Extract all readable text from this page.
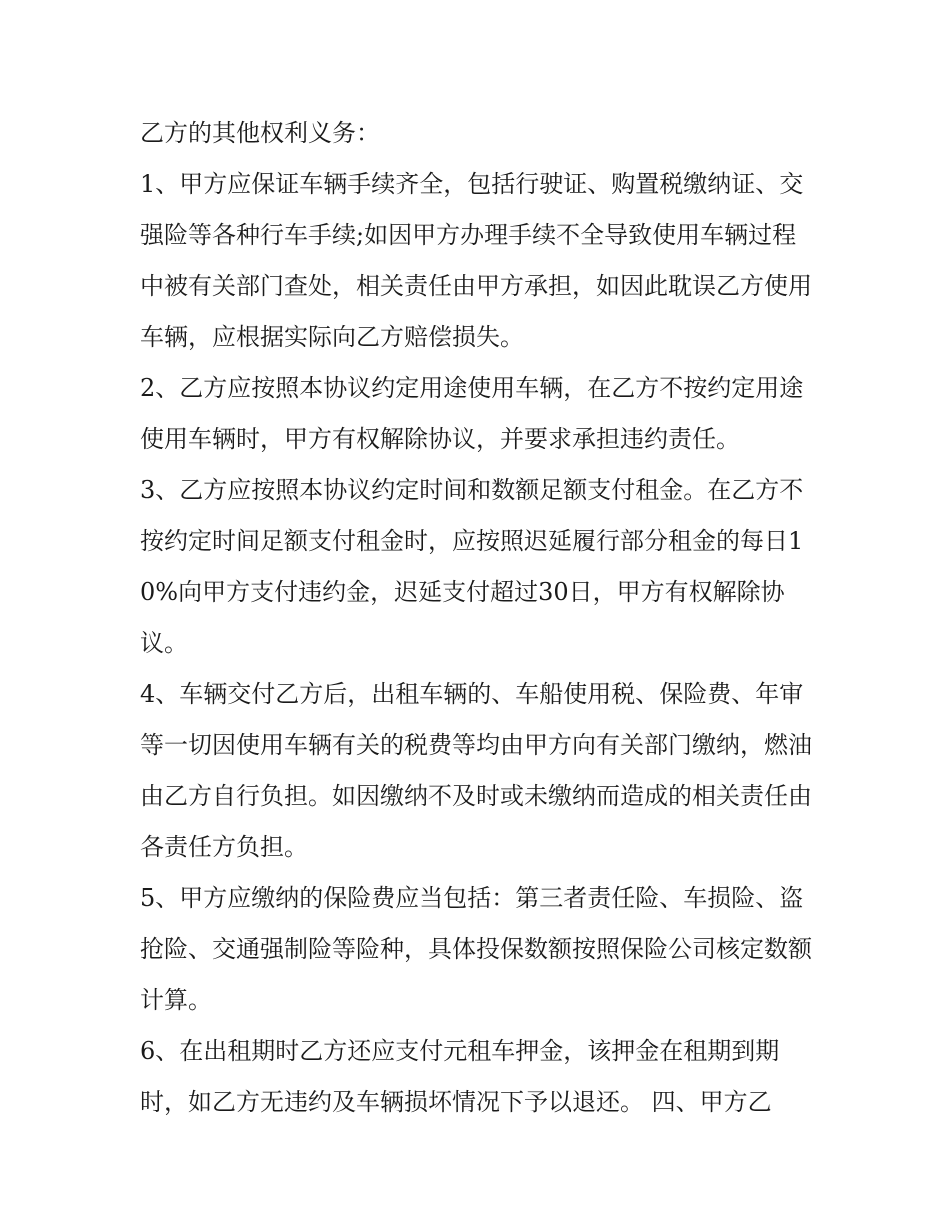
乙方的其他权利义务：

1、甲方应保证车辆手续齐全，包括行驶证、购置税缴纳证、交强险等各种行车手续;如因甲方办理手续不全导致使用车辆过程中被有关部门查处，相关责任由甲方承担，如因此耽误乙方使用车辆，应根据实际向乙方赔偿损失。

2、乙方应按照本协议约定用途使用车辆，在乙方不按约定用途使用车辆时，甲方有权解除协议，并要求承担违约责任。

3、乙方应按照本协议约定时间和数额足额支付租金。在乙方不按约定时间足额支付租金时，应按照迟延履行部分租金的每日10%向甲方支付违约金，迟延支付超过30日，甲方有权解除协议。

4、车辆交付乙方后，出租车辆的、车船使用税、保险费、年审等一切因使用车辆有关的税费等均由甲方向有关部门缴纳，燃油由乙方自行负担。如因缴纳不及时或未缴纳而造成的相关责任由各责任方负担。

5、甲方应缴纳的保险费应当包括：第三者责任险、车损险、盗抢险、交通强制险等险种，具体投保数额按照保险公司核定数额计算。

6、在出租期时乙方还应支付元租车押金，该押金在租期到期时，如乙方无违约及车辆损坏情况下予以退还。 四、甲方乙
